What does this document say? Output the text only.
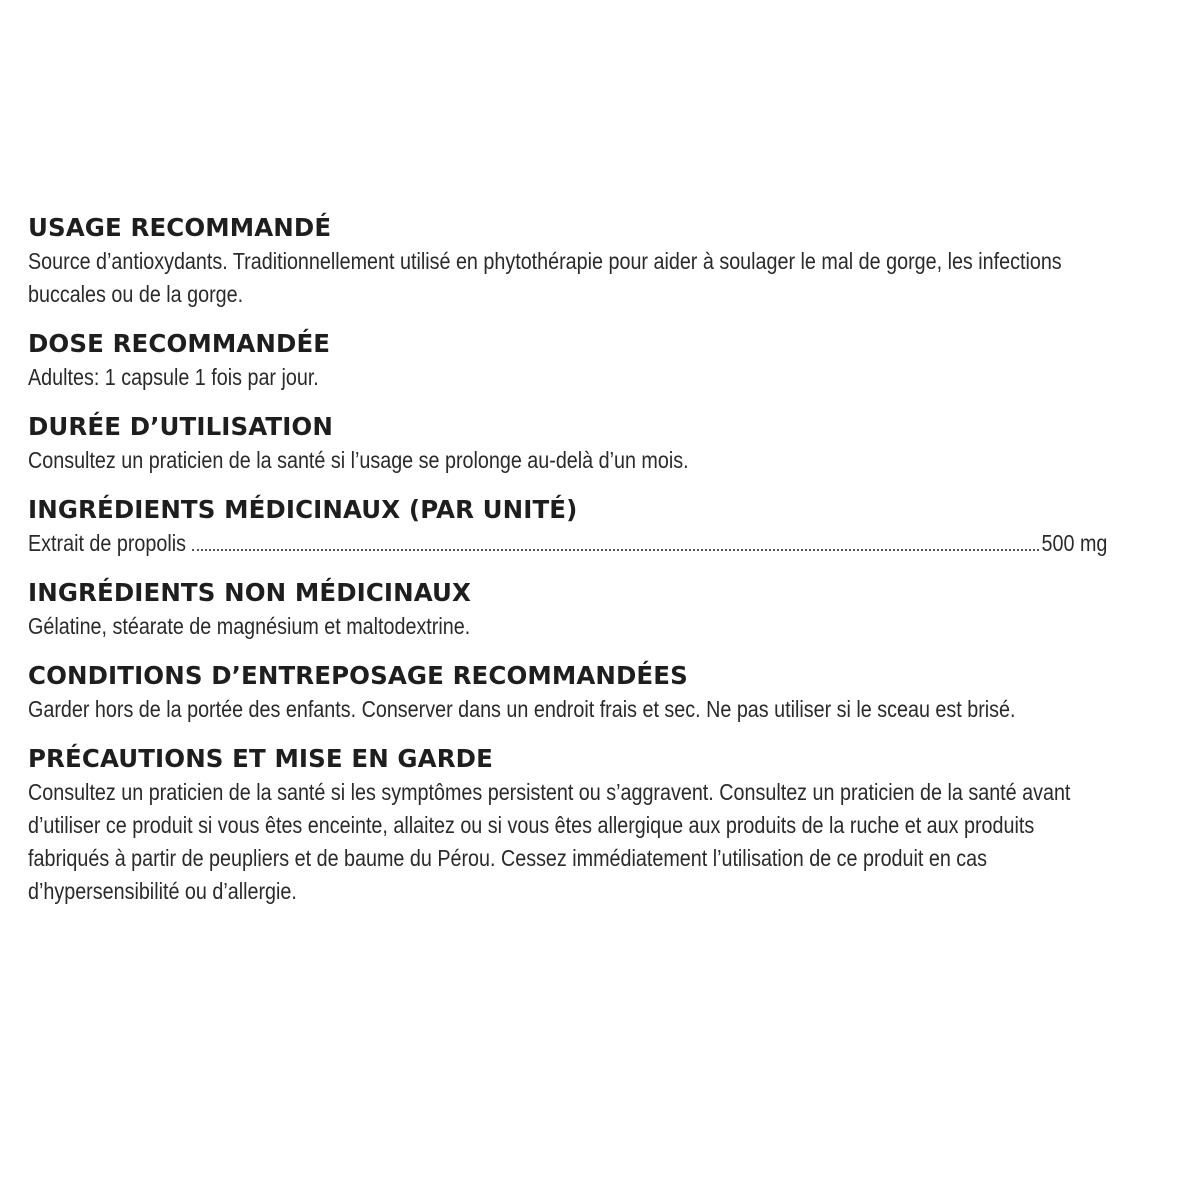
USAGE RECOMMANDÉ
Source d’antioxydants. Traditionnellement utilisé en phytothérapie pour aider à soulager le mal de gorge, les infections buccales ou de la gorge.
DOSE RECOMMANDÉE
Adultes: 1 capsule 1 fois par jour.
DURÉE D’UTILISATION
Consultez un praticien de la santé si l’usage se prolonge au-delà d’un mois.
INGRÉDIENTS MÉDICINAUX (PAR UNITÉ)
Extrait de propolis	500 mg
INGRÉDIENTS NON MÉDICINAUX
Gélatine, stéarate de magnésium et maltodextrine.
CONDITIONS D’ENTREPOSAGE RECOMMANDÉES
Garder hors de la portée des enfants. Conserver dans un endroit frais et sec. Ne pas utiliser si le sceau est brisé.
PRÉCAUTIONS ET MISE EN GARDE
Consultez un praticien de la santé si les symptômes persistent ou s’aggravent. Consultez un praticien de la santé avant d’utiliser ce produit si vous êtes enceinte, allaitez ou si vous êtes allergique aux produits de la ruche et aux produits fabriqués à partir de peupliers et de baume du Pérou. Cessez immédiatement l’utilisation de ce produit en cas d’hypersensibilité ou d’allergie.
